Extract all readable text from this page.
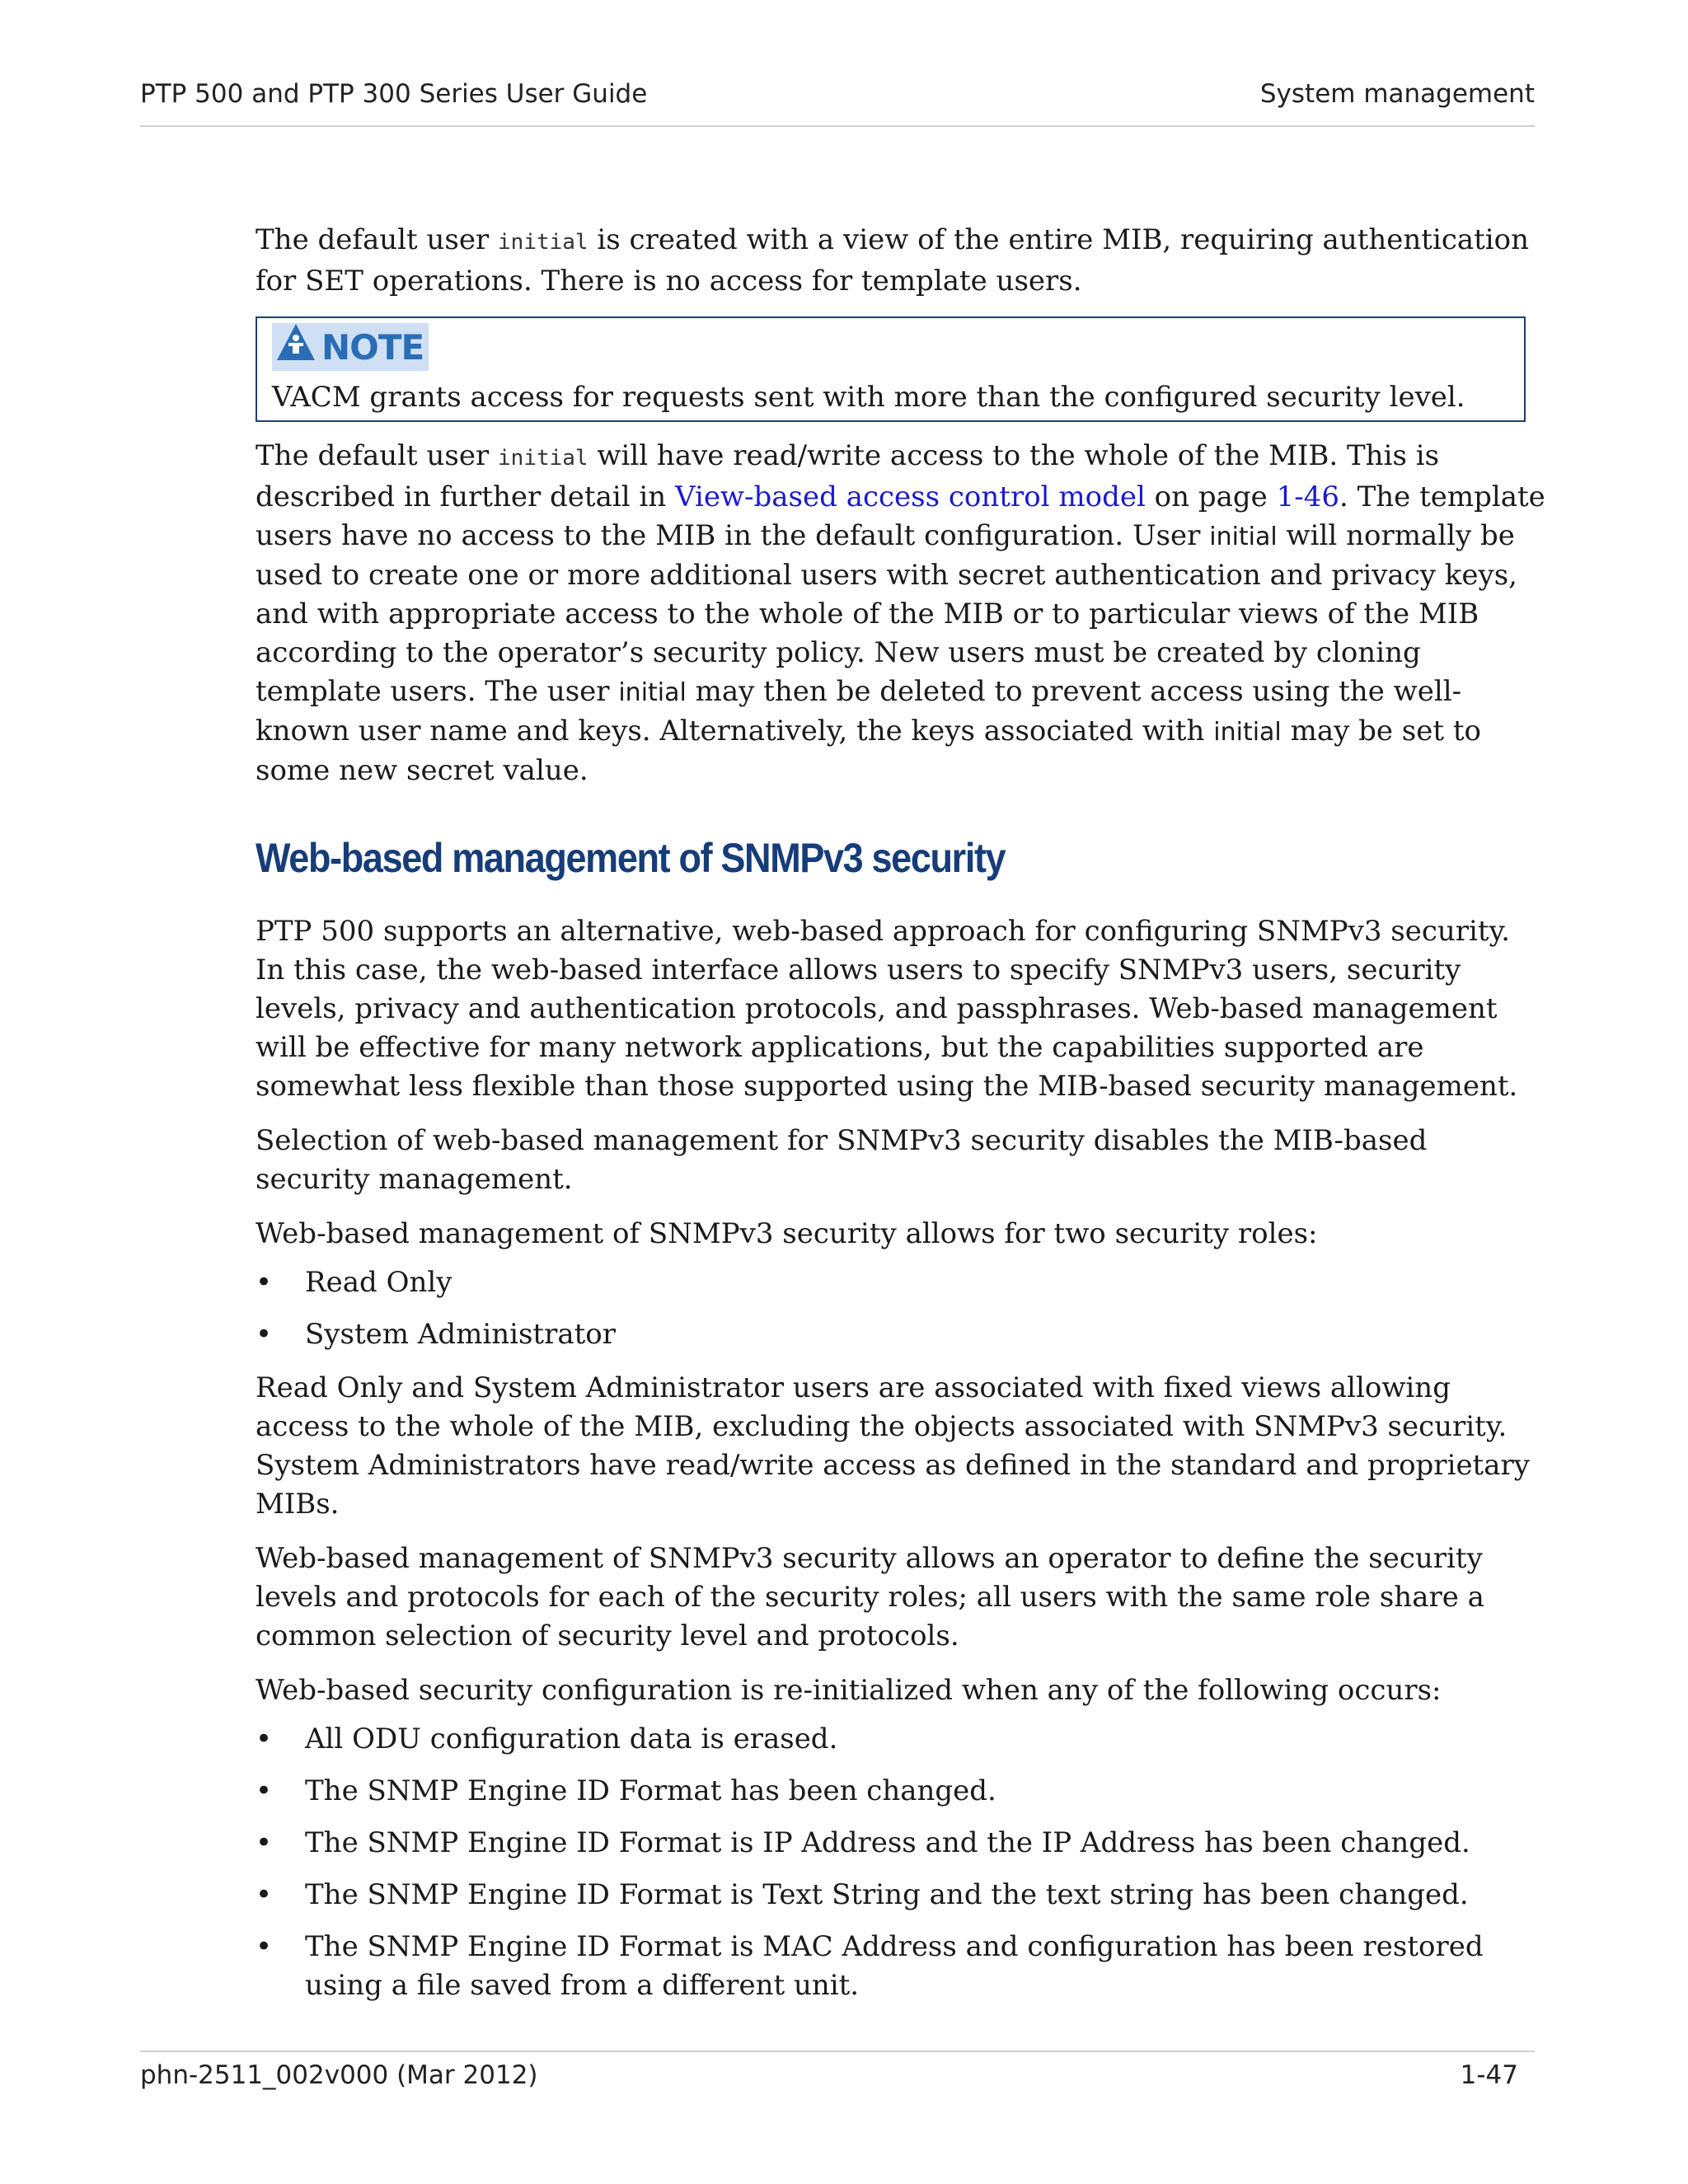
PTP 500 and PTP 300 Series User Guide	System management

The default user initial is created with a view of the entire MIB, requiring authentication for SET operations. There is no access for template users.

NOTE
VACM grants access for requests sent with more than the configured security level.

The default user initial will have read/write access to the whole of the MIB. This is described in further detail in View-based access control model on page 1-46. The template users have no access to the MIB in the default configuration. User initial will normally be used to create one or more additional users with secret authentication and privacy keys, and with appropriate access to the whole of the MIB or to particular views of the MIB according to the operator’s security policy. New users must be created by cloning template users. The user initial may then be deleted to prevent access using the well-known user name and keys. Alternatively, the keys associated with initial may be set to some new secret value.

Web-based management of SNMPv3 security

PTP 500 supports an alternative, web-based approach for configuring SNMPv3 security. In this case, the web-based interface allows users to specify SNMPv3 users, security levels, privacy and authentication protocols, and passphrases. Web-based management will be effective for many network applications, but the capabilities supported are somewhat less flexible than those supported using the MIB-based security management.

Selection of web-based management for SNMPv3 security disables the MIB-based security management.

Web-based management of SNMPv3 security allows for two security roles:

• Read Only
• System Administrator

Read Only and System Administrator users are associated with fixed views allowing access to the whole of the MIB, excluding the objects associated with SNMPv3 security. System Administrators have read/write access as defined in the standard and proprietary MIBs.

Web-based management of SNMPv3 security allows an operator to define the security levels and protocols for each of the security roles; all users with the same role share a common selection of security level and protocols.

Web-based security configuration is re-initialized when any of the following occurs:

• All ODU configuration data is erased.
• The SNMP Engine ID Format has been changed.
• The SNMP Engine ID Format is IP Address and the IP Address has been changed.
• The SNMP Engine ID Format is Text String and the text string has been changed.
• The SNMP Engine ID Format is MAC Address and configuration has been restored using a file saved from a different unit.
phn-2511_002v000 (Mar 2012)	1-47
